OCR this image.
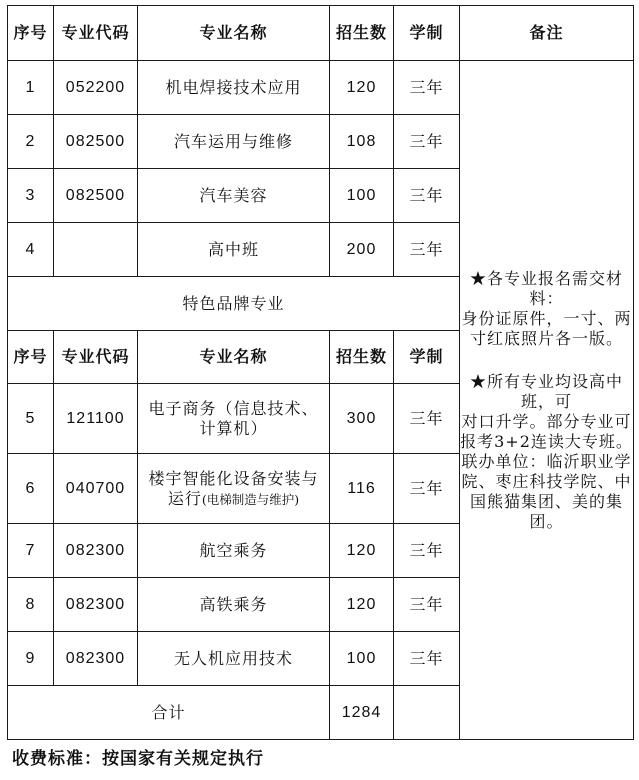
序号	专业代码	专业名称	招生数	学制	备注
1	052200	机电焊接技术应用	120	三年	★各专业报名需交材料：

身份证原件，一寸、两寸红底照片各一版。

★所有专业均设高中班，可

对口升学。部分专业可报考3+2连读大专班。联办单位：临沂职业学院、枣庄科技学院、中国熊猫集团、美的集团。

2	082500	汽车运用与维修	108	三年	
3	082500	汽车美容	100	三年	
4		高中班	200	三年	
特色品牌专业					
序号	专业代码	专业名称	招生数	学制	
5	121100	电子商务（信息技术、计算机）	300	三年	
6	040700	楼宇智能化设备安装与运行(电梯制造与维护)	116	三年	
7	082300	航空乘务	120	三年	
8	082300	高铁乘务	120	三年	
9	082300	无人机应用技术	100	三年	
合计			1284		
收费标准：按国家有关规定执行
